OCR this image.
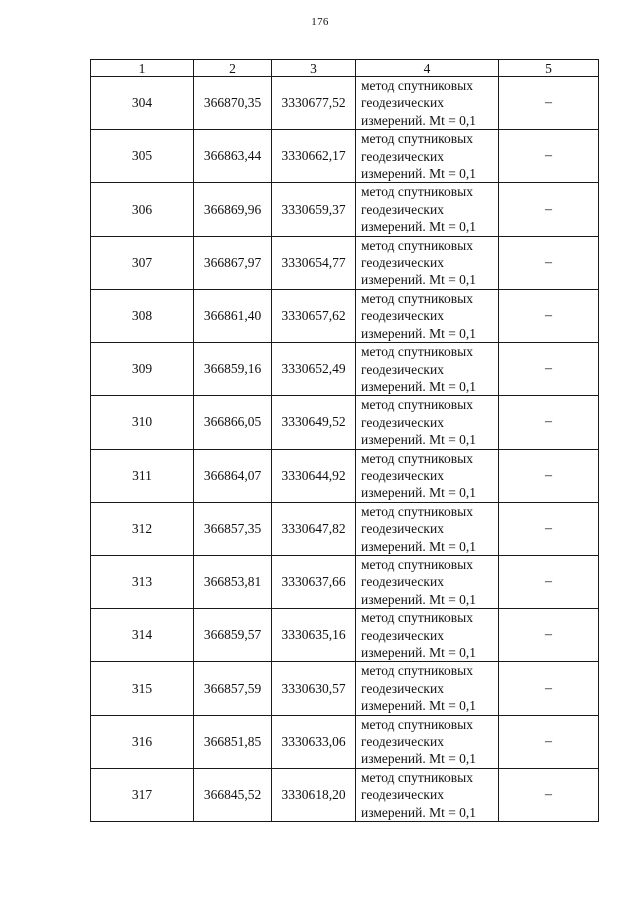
176
1	2	3	4	5
304	366870,35	3330677,52	метод спутниковых
геодезических
измерений. Mt = 0,1	–
305	366863,44	3330662,17	метод спутниковых
геодезических
измерений. Mt = 0,1	–
306	366869,96	3330659,37	метод спутниковых
геодезических
измерений. Mt = 0,1	–
307	366867,97	3330654,77	метод спутниковых
геодезических
измерений. Mt = 0,1	–
308	366861,40	3330657,62	метод спутниковых
геодезических
измерений. Mt = 0,1	–
309	366859,16	3330652,49	метод спутниковых
геодезических
измерений. Mt = 0,1	–
310	366866,05	3330649,52	метод спутниковых
геодезических
измерений. Mt = 0,1	–
311	366864,07	3330644,92	метод спутниковых
геодезических
измерений. Mt = 0,1	–
312	366857,35	3330647,82	метод спутниковых
геодезических
измерений. Mt = 0,1	–
313	366853,81	3330637,66	метод спутниковых
геодезических
измерений. Mt = 0,1	–
314	366859,57	3330635,16	метод спутниковых
геодезических
измерений. Mt = 0,1	–
315	366857,59	3330630,57	метод спутниковых
геодезических
измерений. Mt = 0,1	–
316	366851,85	3330633,06	метод спутниковых
геодезических
измерений. Mt = 0,1	–
317	366845,52	3330618,20	метод спутниковых
геодезических
измерений. Mt = 0,1	–
